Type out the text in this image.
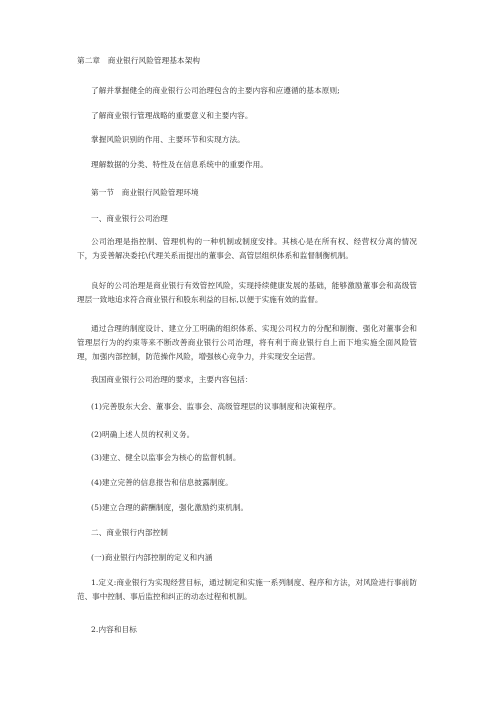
第二章　商业银行风险管理基本架构
了解并掌握健全的商业银行公司治理包含的主要内容和应遵循的基本原则;
了解商业银行管理战略的重要意义和主要内容。
掌握风险识别的作用、主要环节和实现方法。
理解数据的分类、特性及在信息系统中的重要作用。
第一节　商业银行风险管理环境
一、商业银行公司治理
公司治理是指控制、管理机构的一种机制或制度安排。其核心是在所有权、经营权分离的情况下，为妥善解决委托\代理关系而提出的董事会、高管层组织体系和监督制衡机制。
良好的公司治理是商业银行有效管控风险，实现持续健康发展的基础，能够激励董事会和高级管理层一致地追求符合商业银行和股东利益的目标,以便于实施有效的监督。
通过合理的制度设计、建立分工明确的组织体系、实现公司权力的分配和制衡、强化对董事会和管理层行为的约束等来不断改善商业银行公司治理，将有利于商业银行自上而下地实施全面风险管理，加强内部控制，防范操作风险，增强核心竞争力，并实现安全运营。
我国商业银行公司治理的要求，主要内容包括：
(1)完善股东大会、董事会、监事会、高级管理层的议事制度和决策程序。
(2)明确上述人员的权利义务。
(3)建立、健全以监事会为核心的监督机制。
(4)建立完善的信息报告和信息披露制度。
(5)建立合理的薪酬制度，强化激励约束机制。
二、商业银行内部控制
(一)商业银行内部控制的定义和内涵
1.定义:商业银行为实现经营目标，通过制定和实施一系列制度、程序和方法，对风险进行事前防范、事中控制、事后监控和纠正的动态过程和机制。
2.内容和目标
